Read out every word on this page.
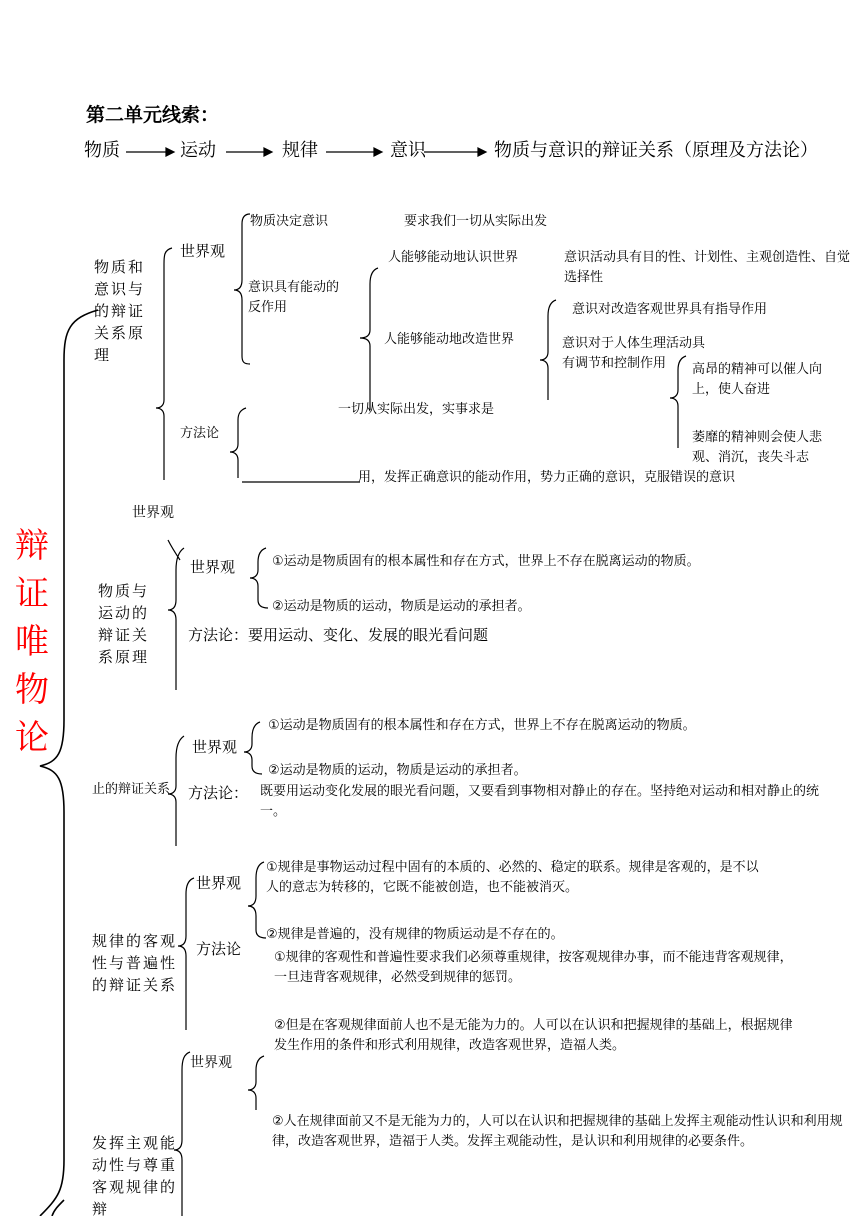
第二单元线索：
物质	运动	规律	意识	物质与意识的辩证关系（原理及方法论）
辩
证
唯
物
论
物质和意识与的辩证关系原理
世界观
物质决定意识	要求我们一切从实际出发
意识具有能动的反作用
人能够能动地认识世界	意识活动具有目的性、计划性、主观创造性、自觉选择性
人能够能动地改造世界
意识对改造客观世界具有指导作用
意识对于人体生理活动具有调节和控制作用	高昂的精神可以催人向上，使人奋进
萎靡的精神则会使人悲观、消沉，丧失斗志
方法论
一切从实际出发，实事求是
用，发挥正确意识的能动作用，势力正确的意识，克服错误的意识
世界观
物质与运动的辩证关系原理
世界观	①运动是物质固有的根本属性和存在方式，世界上不存在脱离运动的物质。
②运动是物质的运动，物质是运动的承担者。
方法论：要用运动、变化、发展的眼光看问题
止的辩证关系
世界观
①运动是物质固有的根本属性和存在方式，世界上不存在脱离运动的物质。
②运动是物质的运动，物质是运动的承担者。
方法论： 既要用运动变化发展的眼光看问题，又要看到事物相对静止的存在。坚持绝对运动和相对静止的统一。
规律的客观性与普遍性的辩证关系
世界观
①规律是事物运动过程中固有的本质的、必然的、稳定的联系。规律是客观的，是不以人的意志为转移的，它既不能被创造，也不能被消灭。
②规律是普遍的，没有规律的物质运动是不存在的。
方法论	①规律的客观性和普遍性要求我们必须尊重规律，按客观规律办事，而不能违背客观规律，一旦违背客观规律，必然受到规律的惩罚。
②但是在客观规律面前人也不是无能为力的。人可以在认识和把握规律的基础上，根据规律发生作用的条件和形式利用规律，改造客观世界，造福人类。
发挥主观能动性与尊重客观规律的辩
世界观
②人在规律面前又不是无能为力的，人可以在认识和把握规律的基础上发挥主观能动性认识和利用规律，改造客观世界，造福于人类。发挥主观能动性，是认识和利用规律的必要条件。
